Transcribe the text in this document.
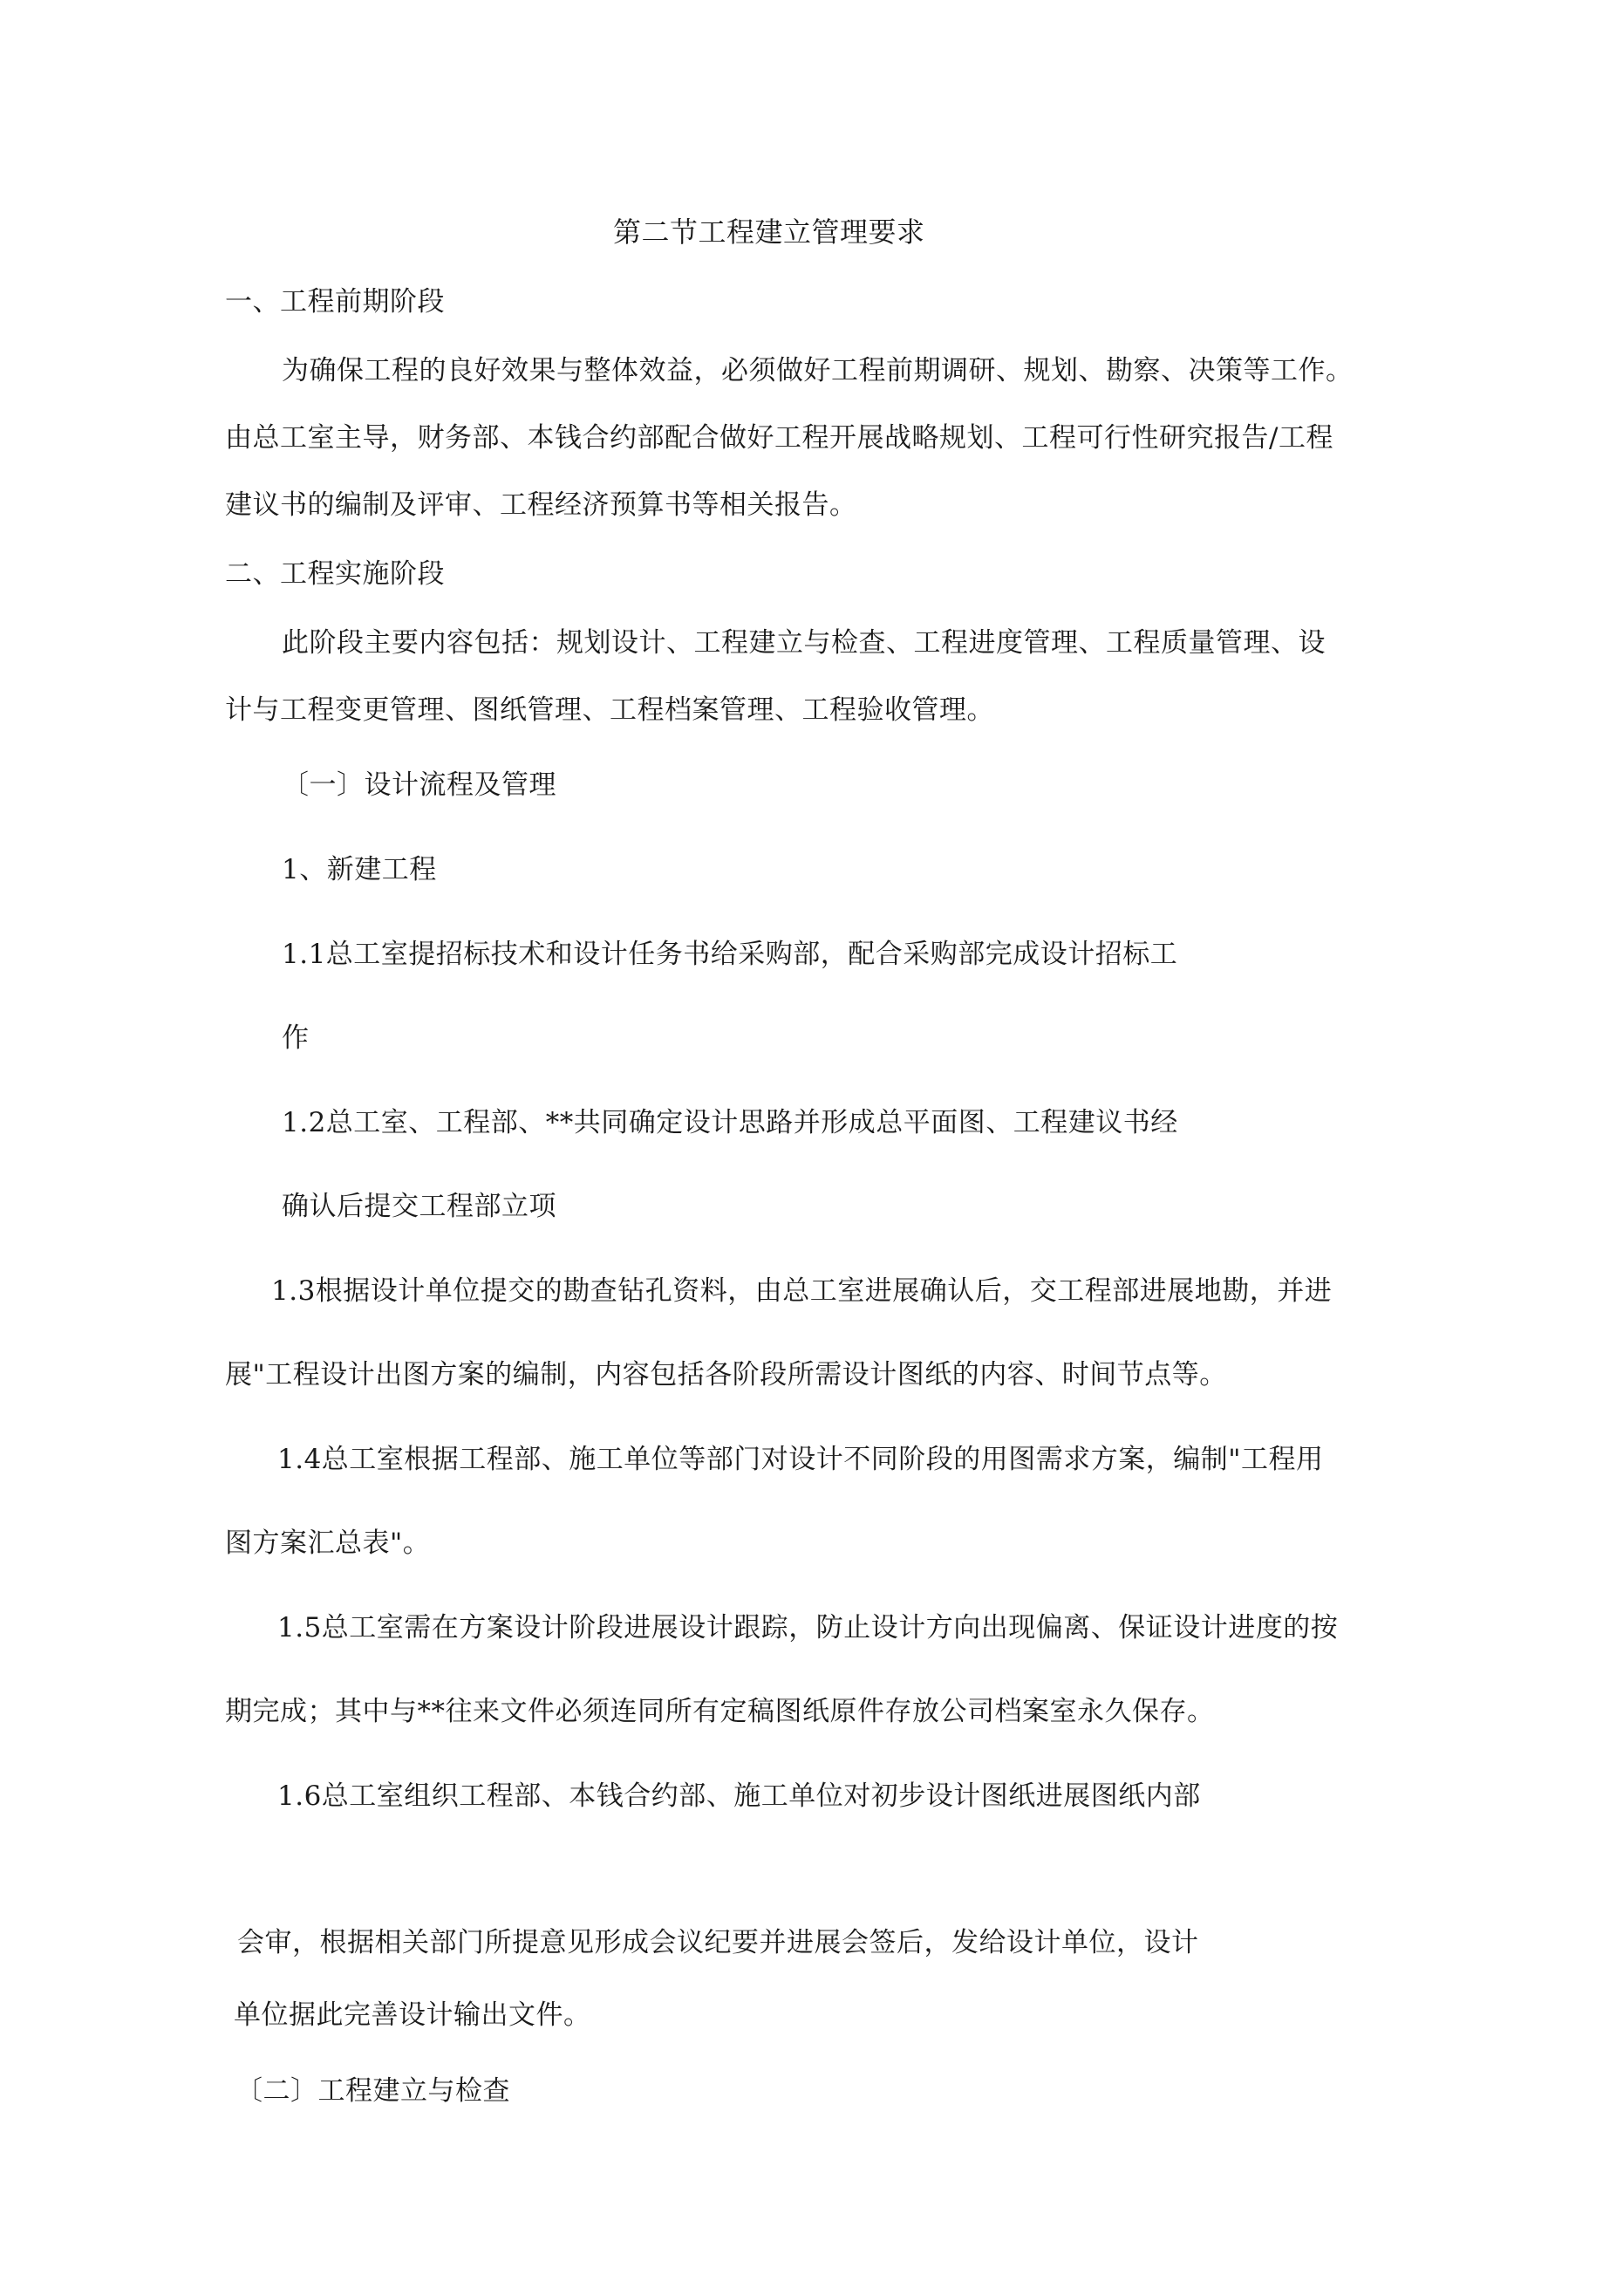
第二节工程建立管理要求
一、工程前期阶段
为确保工程的良好效果与整体效益，必须做好工程前期调研、规划、勘察、决策等工作。
由总工室主导，财务部、本钱合约部配合做好工程开展战略规划、工程可行性研究报告/工程
建议书的编制及评审、工程经济预算书等相关报告。
二、工程实施阶段
此阶段主要内容包括：规划设计、工程建立与检查、工程进度管理、工程质量管理、设
计与工程变更管理、图纸管理、工程档案管理、工程验收管理。
〔一〕设计流程及管理
1、新建工程
1.1总工室提招标技术和设计任务书给采购部，配合采购部完成设计招标工
作
1.2总工室、工程部、**共同确定设计思路并形成总平面图、工程建议书经
确认后提交工程部立项
1.3根据设计单位提交的勘查钻孔资料，由总工室进展确认后，交工程部进展地勘，并进
展"工程设计出图方案的编制，内容包括各阶段所需设计图纸的内容、时间节点等。
1.4总工室根据工程部、施工单位等部门对设计不同阶段的用图需求方案，编制"工程用
图方案汇总表"。
1.5总工室需在方案设计阶段进展设计跟踪，防止设计方向出现偏离、保证设计进度的按
期完成；其中与**往来文件必须连同所有定稿图纸原件存放公司档案室永久保存。
1.6总工室组织工程部、本钱合约部、施工单位对初步设计图纸进展图纸内部
会审，根据相关部门所提意见形成会议纪要并进展会签后，发给设计单位，设计
单位据此完善设计输出文件。
〔二〕工程建立与检查
